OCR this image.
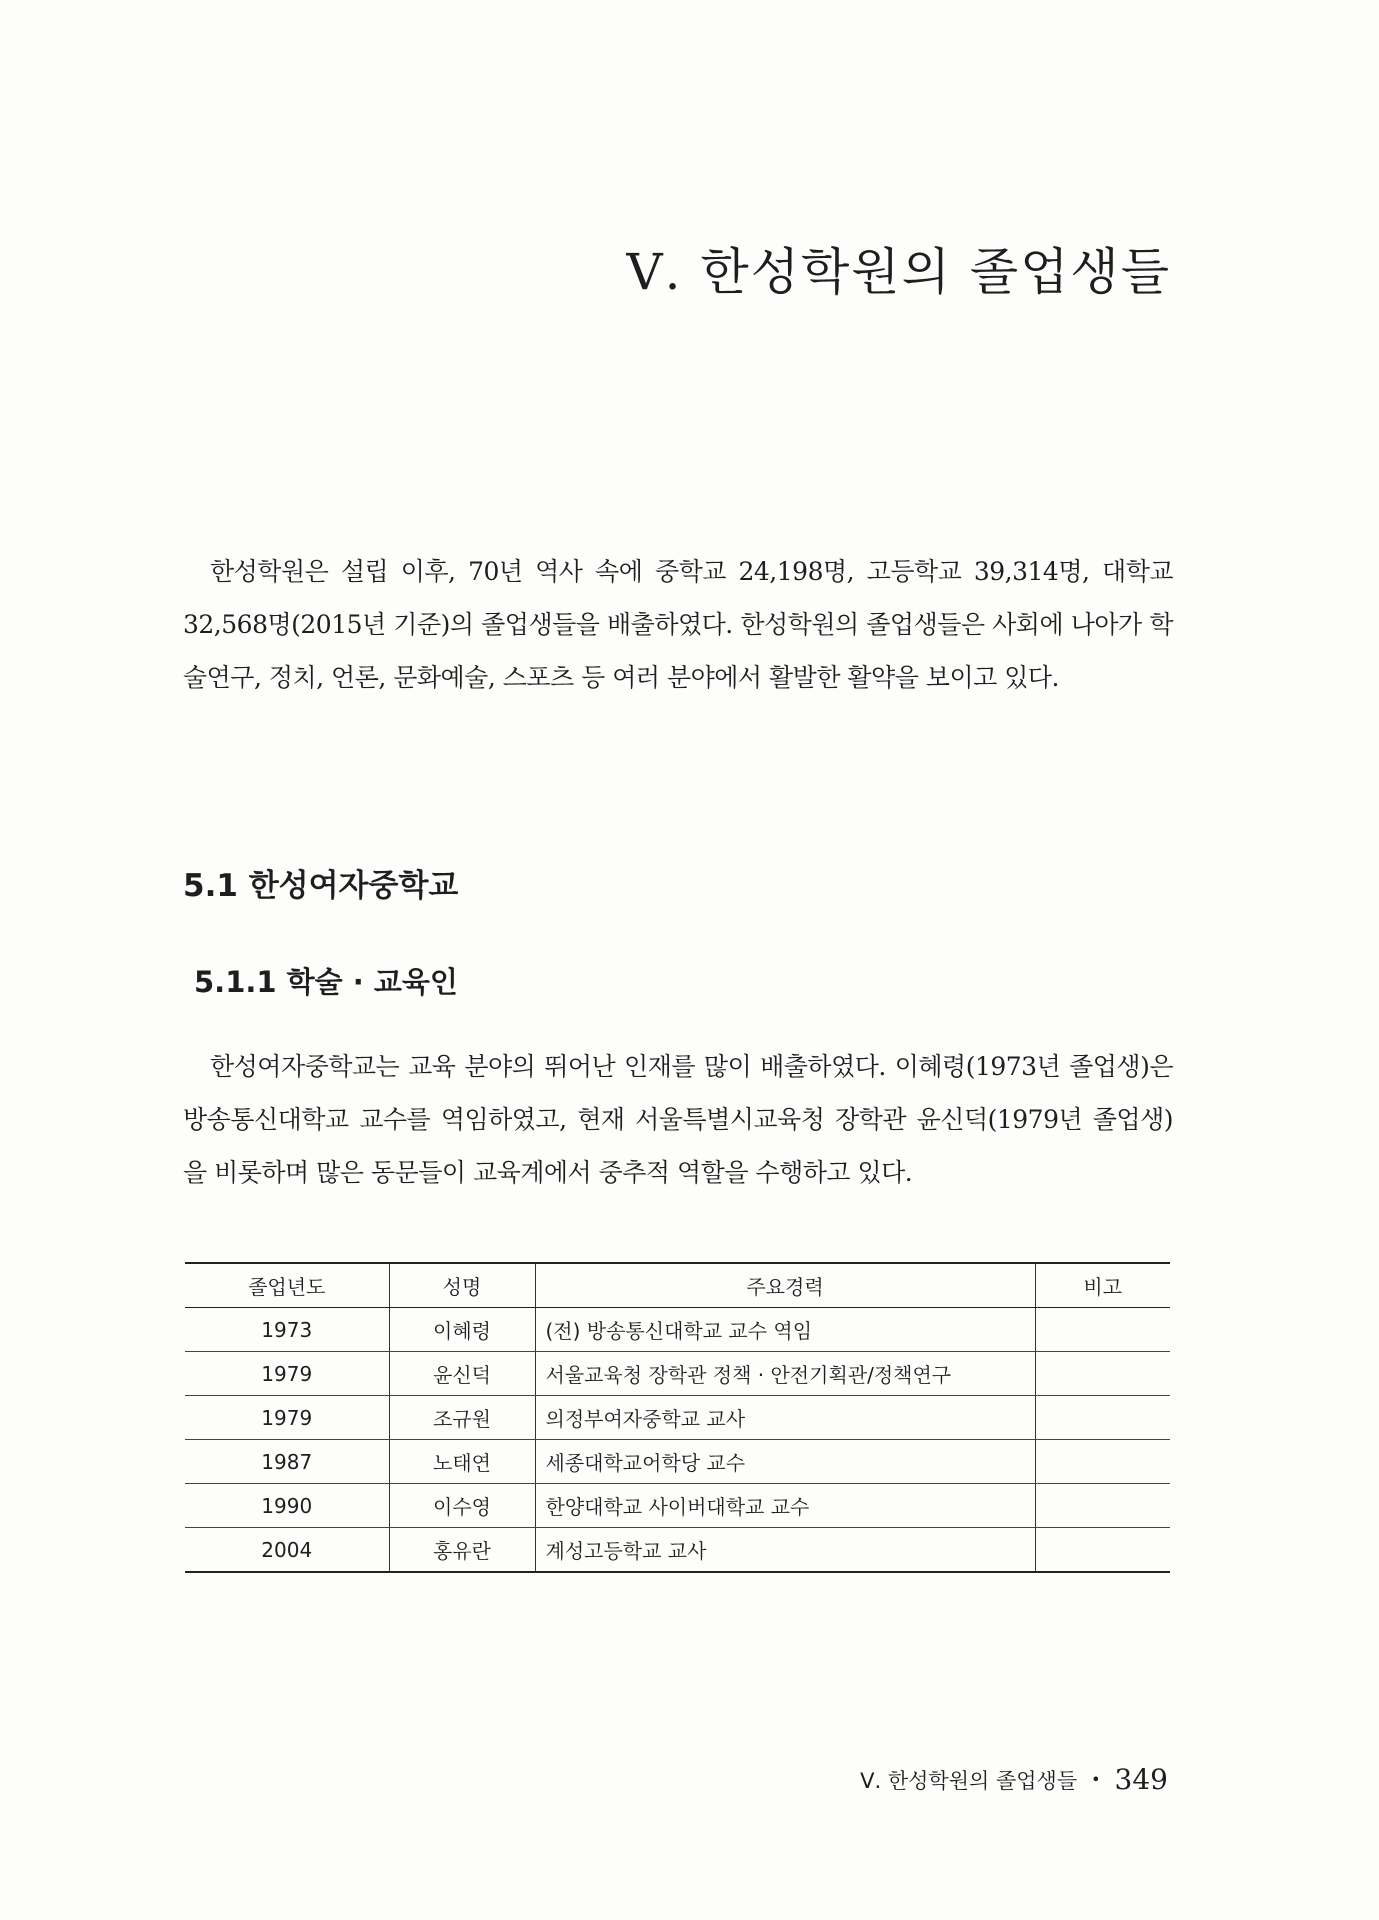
Ⅴ. 한성학원의 졸업생들

한성학원은 설립 이후, 70년 역사 속에 중학교 24,198명, 고등학교 39,314명, 대학교 32,568명(2015년 기준)의 졸업생들을 배출하였다. 한성학원의 졸업생들은 사회에 나아가 학술연구, 정치, 언론, 문화예술, 스포츠 등 여러 분야에서 활발한 활약을 보이고 있다.

5.1 한성여자중학교
5.1.1 학술 · 교육인

한성여자중학교는 교육 분야의 뛰어난 인재를 많이 배출하였다. 이혜령(1973년 졸업생)은 방송통신대학교 교수를 역임하였고, 현재 서울특별시교육청 장학관 윤신덕(1979년 졸업생)을 비롯하며 많은 동문들이 교육계에서 중추적 역할을 수행하고 있다.

졸업년도	성명	주요경력	비고
1973	이혜령	(전) 방송통신대학교 교수 역임	
1979	윤신덕	서울교육청 장학관 정책 · 안전기획관/정책연구	
1979	조규원	의정부여자중학교 교사	
1987	노태연	세종대학교어학당 교수	
1990	이수영	한양대학교 사이버대학교 교수	
2004	홍유란	계성고등학교 교사	
Ⅴ. 한성학원의 졸업생들 • 349
